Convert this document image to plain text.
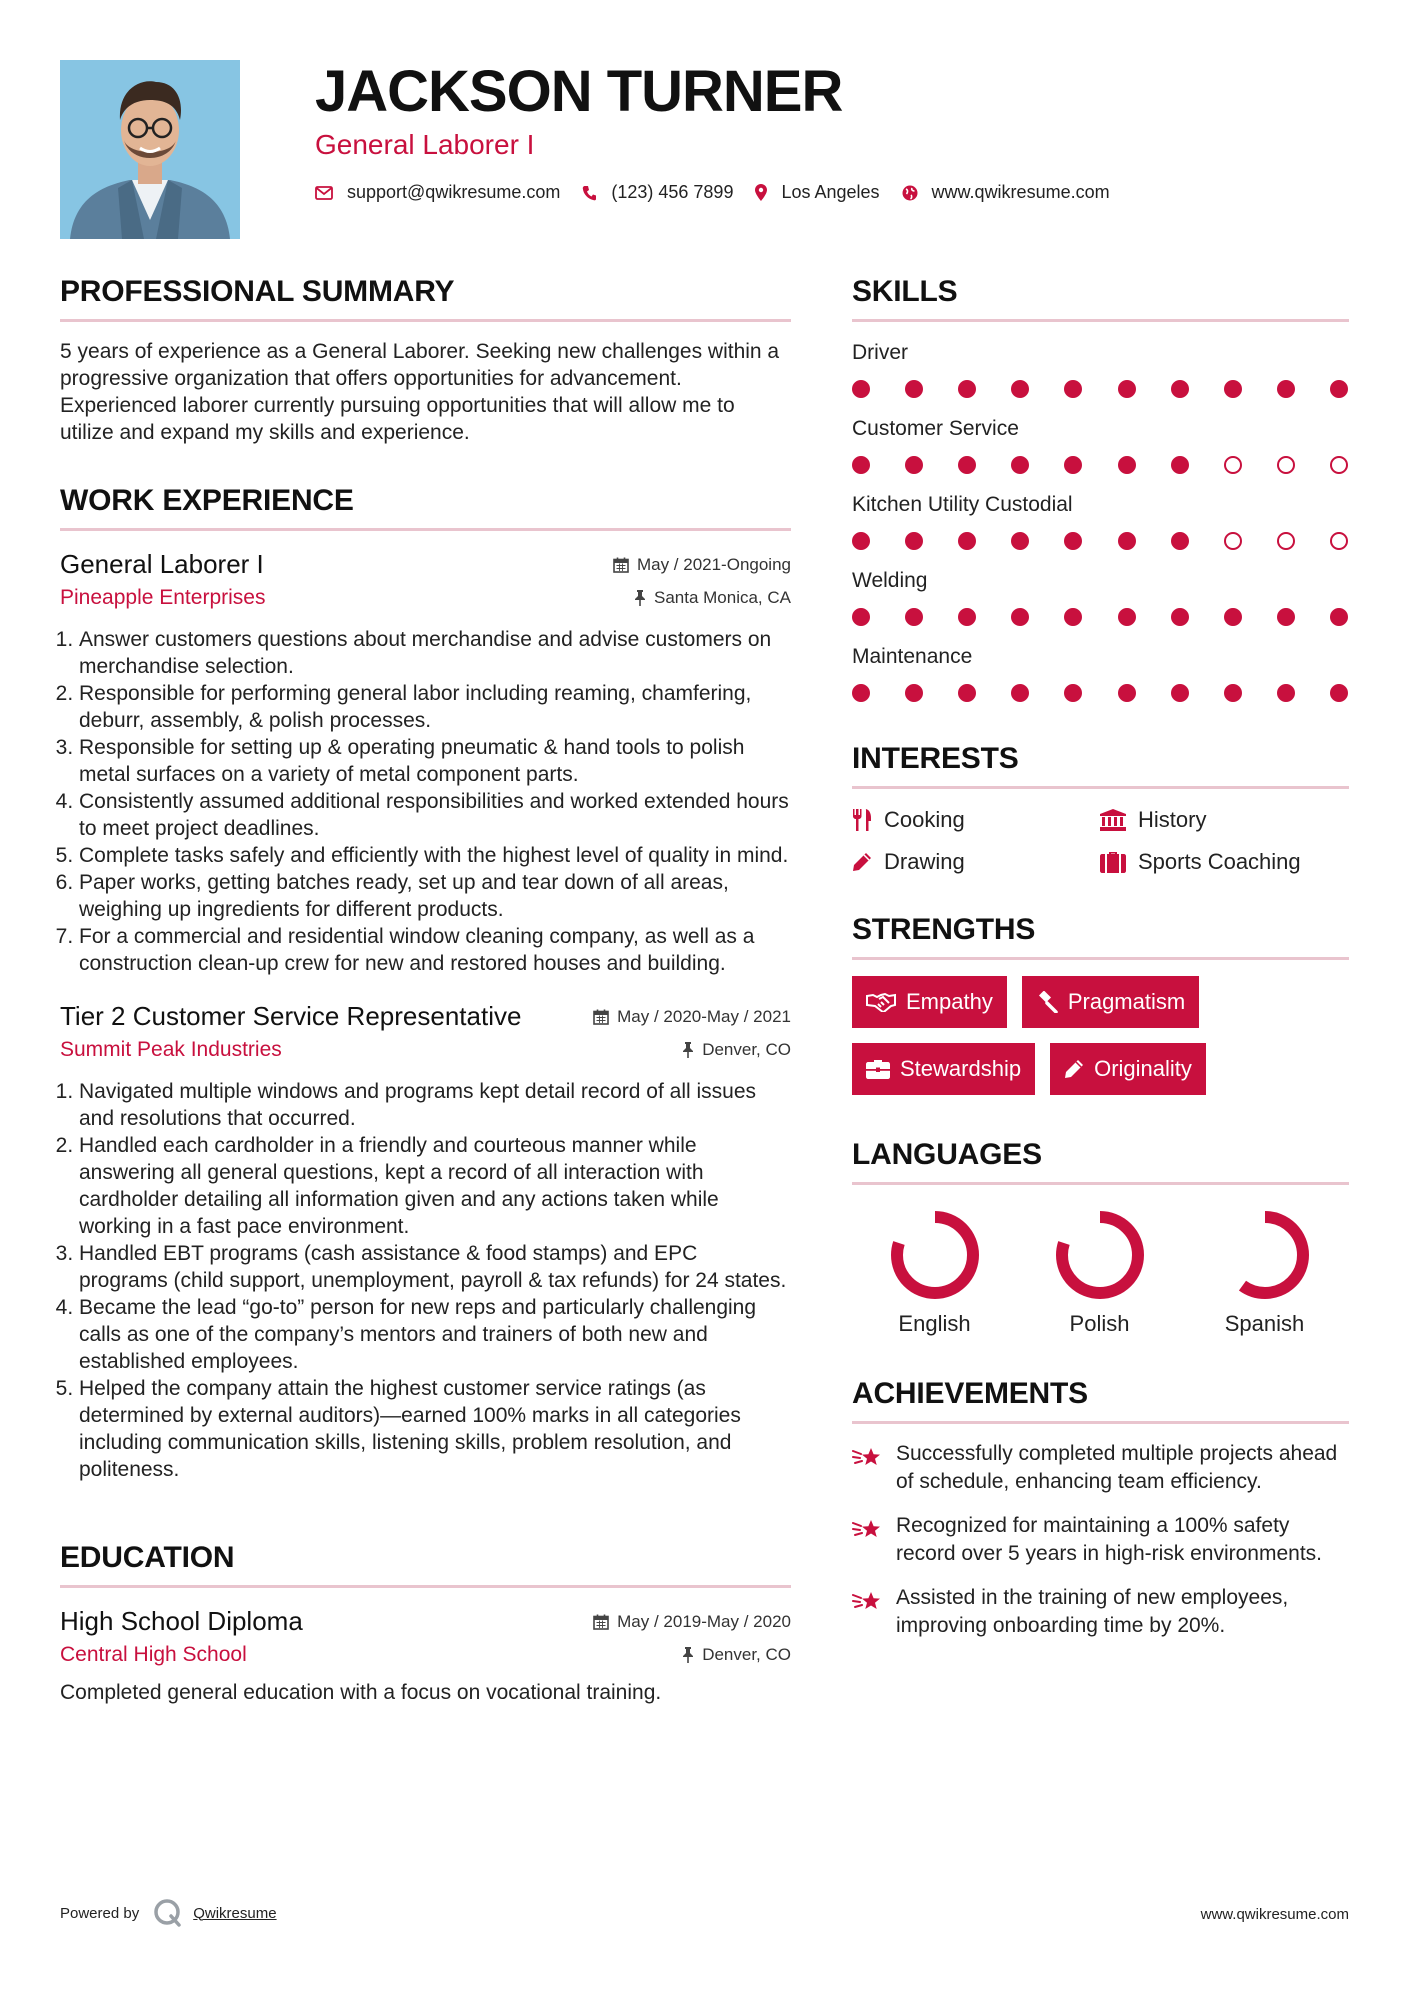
JACKSON TURNER
General Laborer I
support@qwikresume.com	(123) 456 7899	Los Angeles	www.qwikresume.com
PROFESSIONAL SUMMARY

5 years of experience as a General Laborer. Seeking new challenges within a progressive organization that offers opportunities for advancement. Experienced laborer currently pursuing opportunities that will allow me to utilize and expand my skills and experience.

WORK EXPERIENCE
General Laborer I	May / 2021-Ongoing
Pineapple Enterprises	Santa Monica, CA
1. Answer customers questions about merchandise and advise customers on merchandise selection.
2. Responsible for performing general labor including reaming, chamfering, deburr, assembly, & polish processes.
3. Responsible for setting up & operating pneumatic & hand tools to polish metal surfaces on a variety of metal component parts.
4. Consistently assumed additional responsibilities and worked extended hours to meet project deadlines.
5. Complete tasks safely and efficiently with the highest level of quality in mind.
6. Paper works, getting batches ready, set up and tear down of all areas, weighing up ingredients for different products.
7. For a commercial and residential window cleaning company, as well as a construction clean-up crew for new and restored houses and building.
Tier 2 Customer Service Representative	May / 2020-May / 2021
Summit Peak Industries	Denver, CO
1. Navigated multiple windows and programs kept detail record of all issues and resolutions that occurred.
2. Handled each cardholder in a friendly and courteous manner while answering all general questions, kept a record of all interaction with cardholder detailing all information given and any actions taken while working in a fast pace environment.
3. Handled EBT programs (cash assistance & food stamps) and EPC programs (child support, unemployment, payroll & tax refunds) for 24 states.
4. Became the lead “go-to” person for new reps and particularly challenging calls as one of the company’s mentors and trainers of both new and established employees.
5. Helped the company attain the highest customer service ratings (as determined by external auditors)—earned 100% marks in all categories including communication skills, listening skills, problem resolution, and politeness.
EDUCATION
High School Diploma	May / 2019-May / 2020
Central High School	Denver, CO

Completed general education with a focus on vocational training.

SKILLS
Driver
Customer Service
Kitchen Utility Custodial
Welding
Maintenance
INTERESTS
Cooking	History
Drawing	Sports Coaching
STRENGTHS
Empathy	Pragmatism
Stewardship	Originality
LANGUAGES
English	Polish	Spanish
ACHIEVEMENTS
Successfully completed multiple projects ahead of schedule, enhancing team efficiency.
Recognized for maintaining a 100% safety record over 5 years in high-risk environments.
Assisted in the training of new employees, improving onboarding time by 20%.
Powered by	Qwikresume	www.qwikresume.com
